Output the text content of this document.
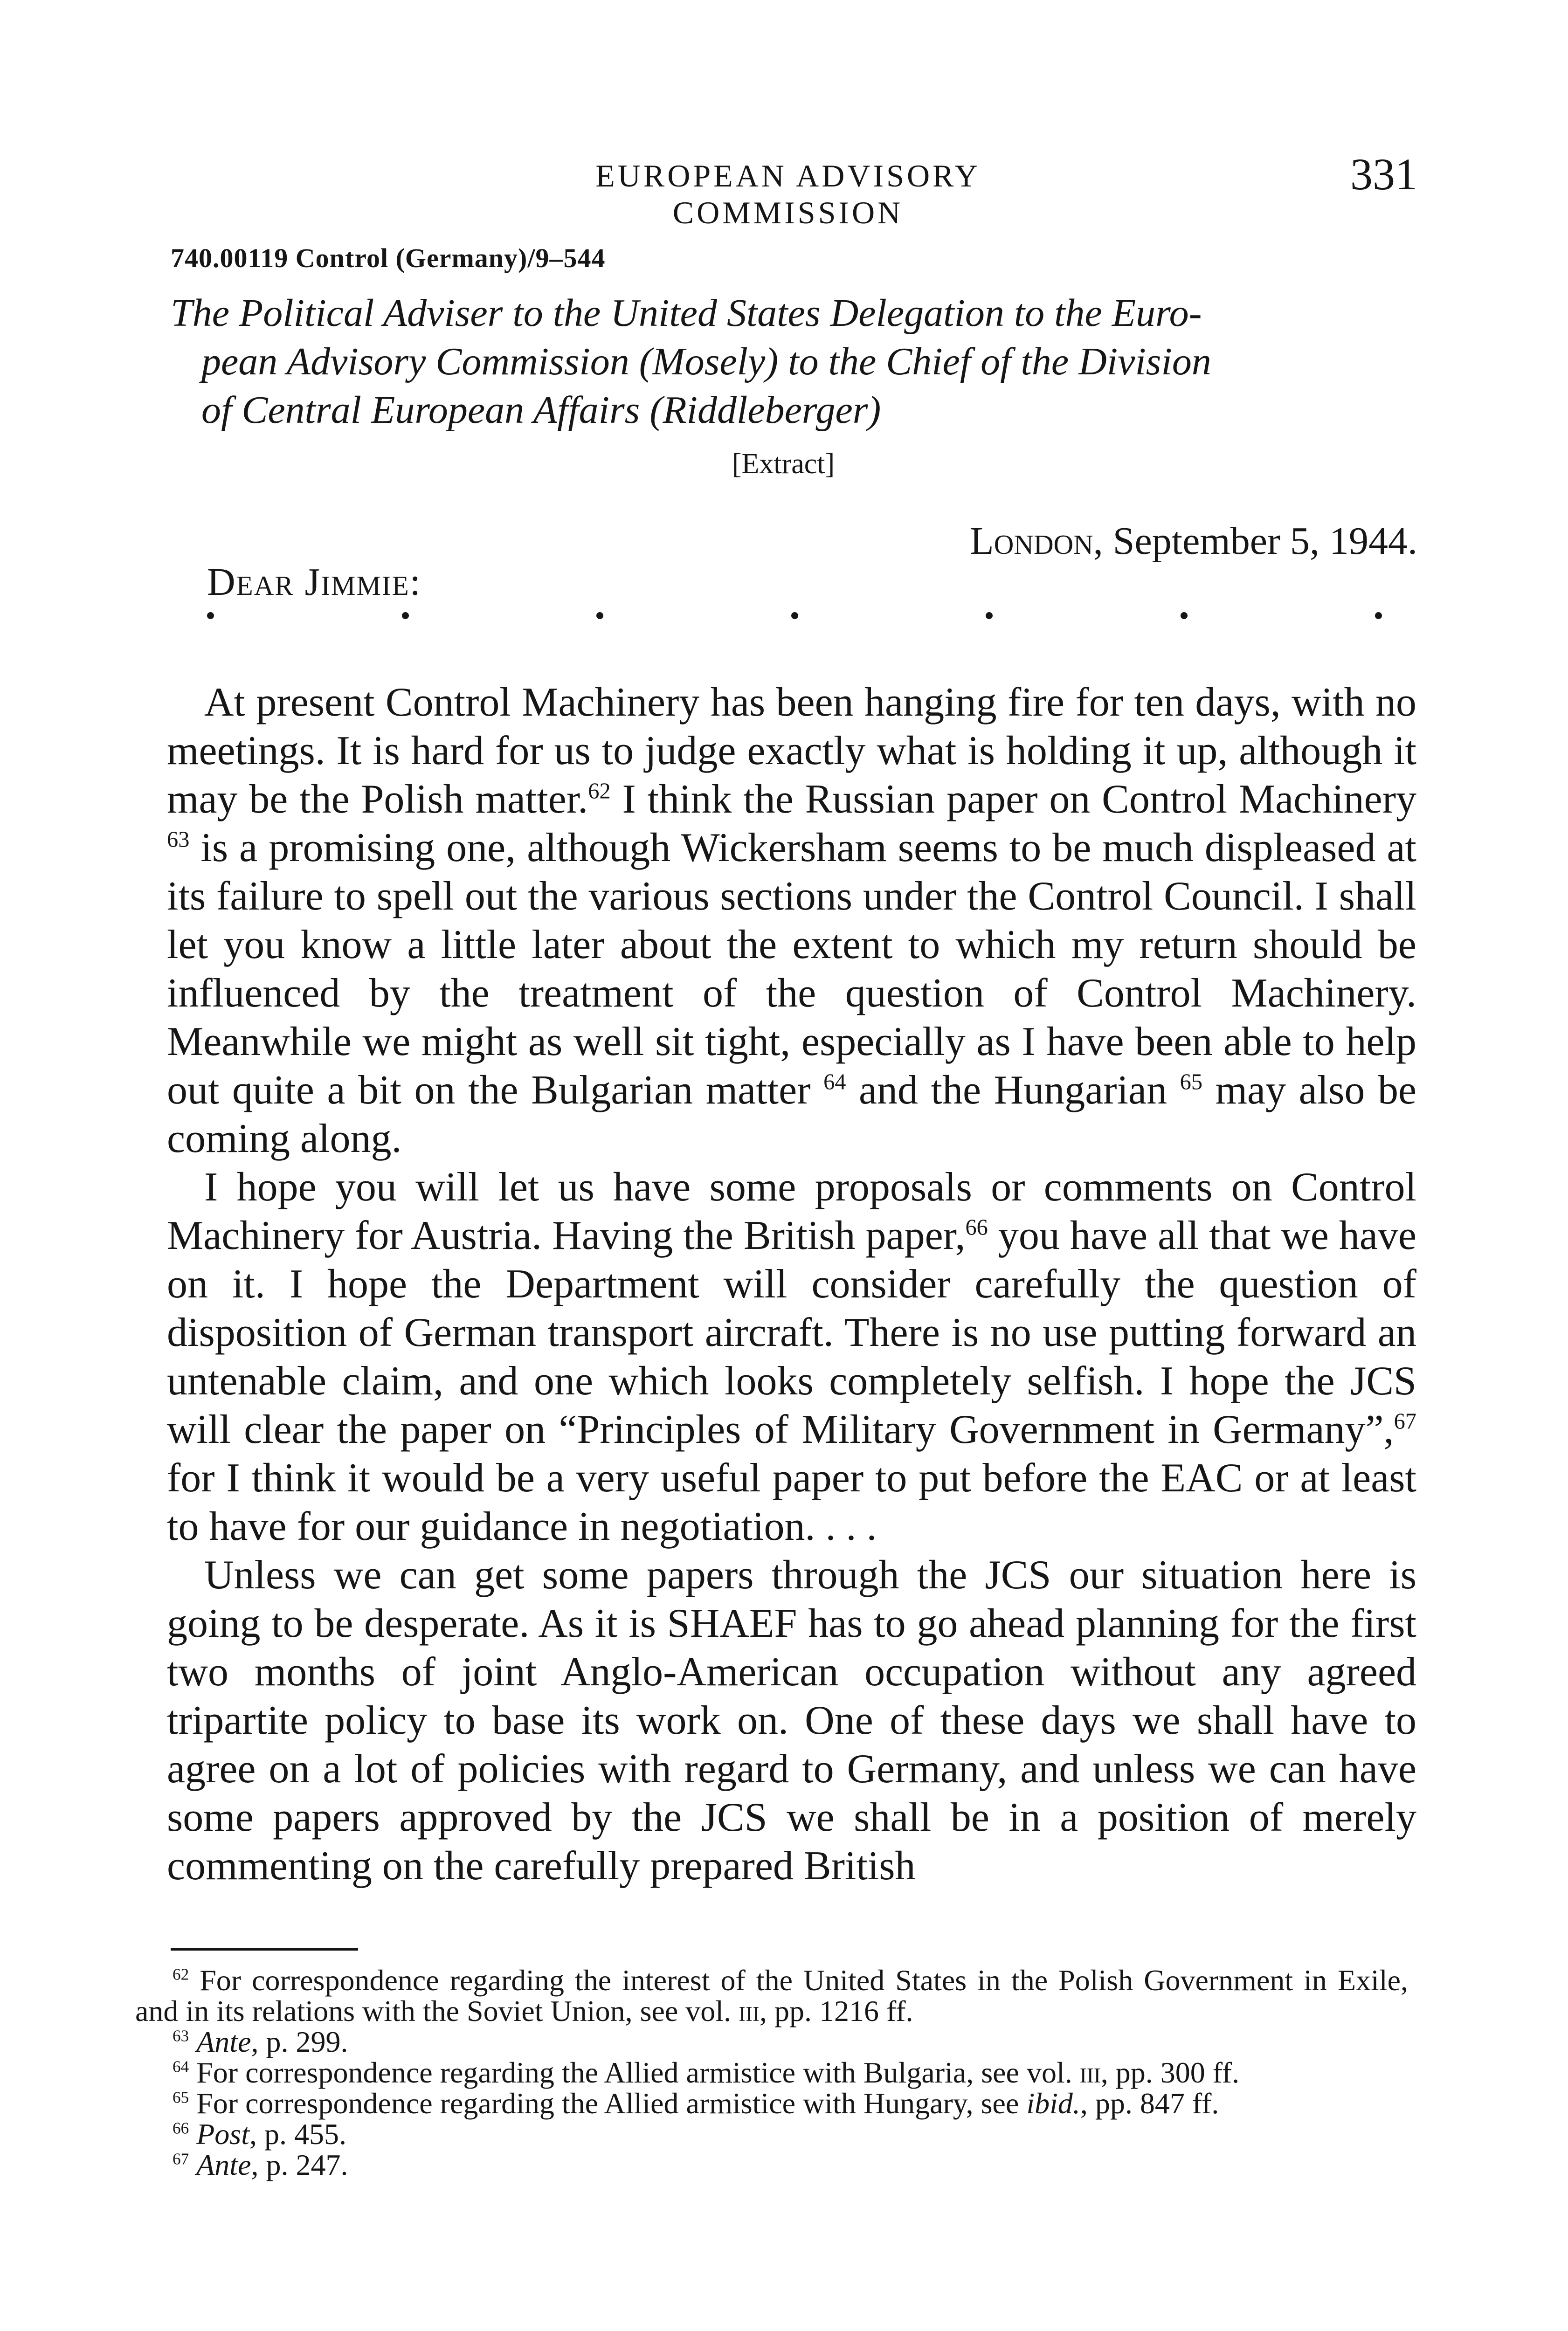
EUROPEAN ADVISORY COMMISSION
331
740.00119 Control (Germany)/9–544
The Political Adviser to the United States Delegation to the Euro-
pean Advisory Commission (Mosely) to the Chief of the Division
of Central European Affairs (Riddleberger)
[Extract]
London, September 5, 1944.
Dear Jimmie:

At present Control Machinery has been hanging fire for ten days, with no meetings. It is hard for us to judge exactly what is holding it up, although it may be the Polish matter.$^{62}$ I think the Russian paper on Control Machinery $^{63}$ is a promising one, although Wickersham seems to be much displeased at its failure to spell out the various sections under the Control Council. I shall let you know a little later about the extent to which my return should be influenced by the treatment of the question of Control Machinery. Meanwhile we might as well sit tight, especially as I have been able to help out quite a bit on the Bulgarian matter $^{64}$ and the Hungarian $^{65}$ may also be coming along.

I hope you will let us have some proposals or comments on Control Machinery for Austria. Having the British paper,$^{66}$ you have all that we have on it. I hope the Department will consider carefully the question of disposition of German transport aircraft. There is no use putting forward an untenable claim, and one which looks completely selfish. I hope the JCS will clear the paper on “Principles of Military Government in Germany”,$^{67}$ for I think it would be a very useful paper to put before the EAC or at least to have for our guidance in negotiation. . . .

Unless we can get some papers through the JCS our situation here is going to be desperate. As it is SHAEF has to go ahead planning for the first two months of joint Anglo-American occupation without any agreed tripartite policy to base its work on. One of these days we shall have to agree on a lot of policies with regard to Germany, and unless we can have some papers approved by the JCS we shall be in a position of merely commenting on the carefully prepared British

$^{62}$ For correspondence regarding the interest of the United States in the Polish Government in Exile, and in its relations with the Soviet Union, see vol. iii, pp. 1216 ff.

$^{63}$ Ante, p. 299.

$^{64}$ For correspondence regarding the Allied armistice with Bulgaria, see vol. iii, pp. 300 ff.

$^{65}$ For correspondence regarding the Allied armistice with Hungary, see ibid., pp. 847 ff.

$^{66}$ Post, p. 455.

$^{67}$ Ante, p. 247.
